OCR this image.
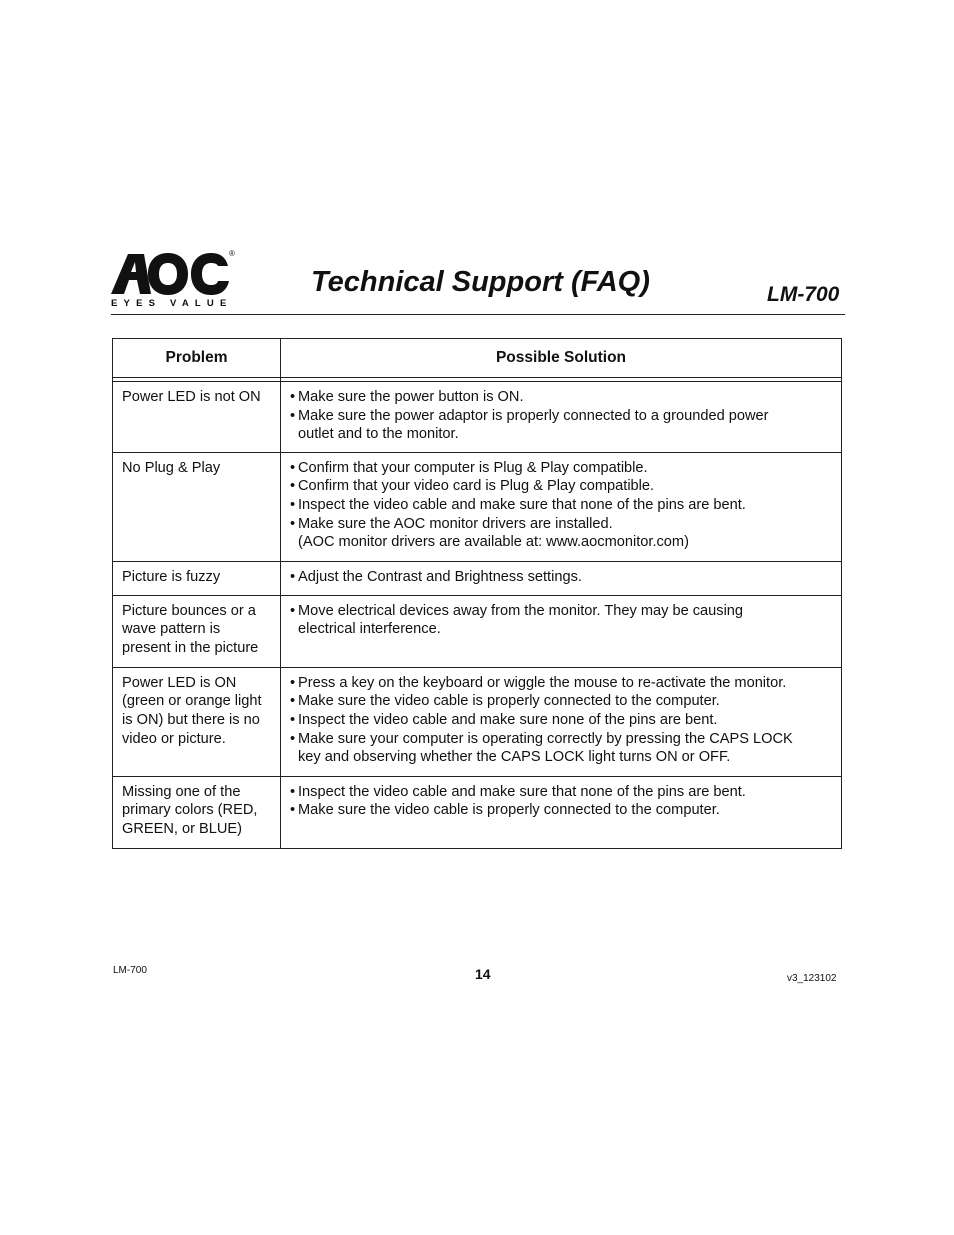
®
EYES VALUE
Technical Support (FAQ)	LM-700
Problem	Possible Solution

Power LED is not ON	• Make sure the power button is ON.
• Make sure the power adaptor is properly connected to a grounded power
outlet and to the monitor.

No Plug & Play	• Confirm that your computer is Plug & Play compatible.
• Confirm that your video card is Plug & Play compatible.
• Inspect the video cable and make sure that none of the pins are bent.
• Make sure the AOC monitor drivers are installed.
(AOC monitor drivers are available at: www.aocmonitor.com)

Picture is fuzzy	• Adjust the Contrast and Brightness settings.

Picture bounces or a wave pattern is present in the picture	• Move electrical devices away from the monitor. They may be causing
electrical interference.

Power LED is ON (green or orange light is ON) but there is no video or picture.	• Press a key on the keyboard or wiggle the mouse to re-activate the monitor.
• Make sure the video cable is properly connected to the computer.
• Inspect the video cable and make sure none of the pins are bent.
• Make sure your computer is operating correctly by pressing the CAPS LOCK
key and observing whether the CAPS LOCK light turns ON or OFF.

Missing one of the primary colors (RED, GREEN, or BLUE)	• Inspect the video cable and make sure that none of the pins are bent.
• Make sure the video cable is properly connected to the computer.
LM-700	14	v3_123102
